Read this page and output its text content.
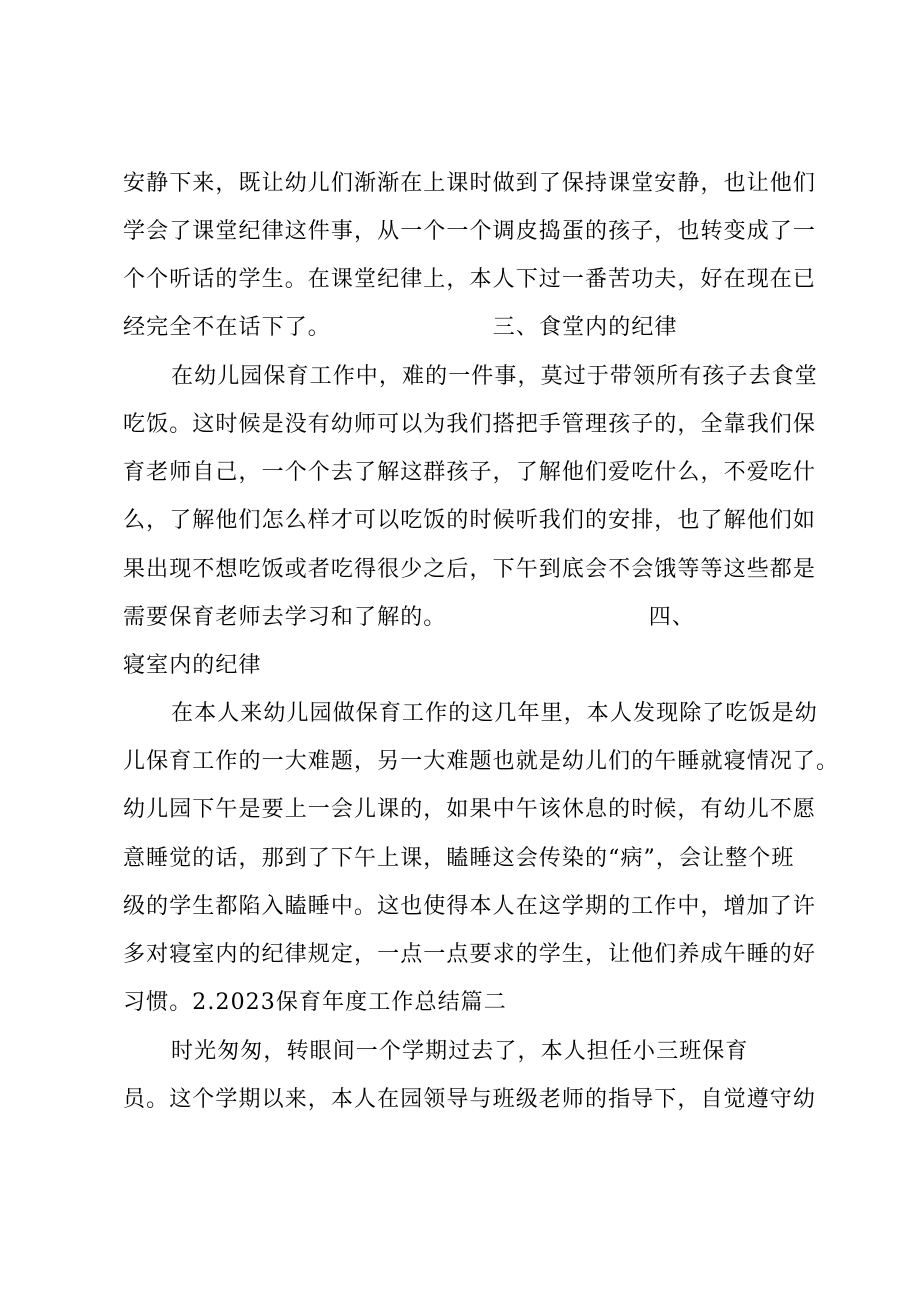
安静下来，既让幼儿们渐渐在上课时做到了保持课堂安静，也让他们
学会了课堂纪律这件事，从一个一个调皮捣蛋的孩子，也转变成了一
个个听话的学生。在课堂纪律上，本人下过一番苦功夫，好在现在已
经完全不在话下了。                    三、食堂内的纪律
在幼儿园保育工作中，难的一件事，莫过于带领所有孩子去食堂
吃饭。这时候是没有幼师可以为我们搭把手管理孩子的，全靠我们保
育老师自己，一个个去了解这群孩子，了解他们爱吃什么，不爱吃什
么，了解他们怎么样才可以吃饭的时候听我们的安排，也了解他们如
果出现不想吃饭或者吃得很少之后，下午到底会不会饿等等这些都是
需要保育老师去学习和了解的。                         四、
寝室内的纪律
在本人来幼儿园做保育工作的这几年里，本人发现除了吃饭是幼
儿保育工作的一大难题，另一大难题也就是幼儿们的午睡就寝情况了。
幼儿园下午是要上一会儿课的，如果中午该休息的时候，有幼儿不愿
意睡觉的话，那到了下午上课，瞌睡这会传染的“病”，会让整个班
级的学生都陷入瞌睡中。这也使得本人在这学期的工作中，增加了许
多对寝室内的纪律规定，一点一点要求的学生，让他们养成午睡的好
习惯。2.2023保育年度工作总结篇二
时光匆匆，转眼间一个学期过去了，本人担任小三班保育
员。这个学期以来，本人在园领导与班级老师的指导下，自觉遵守幼
